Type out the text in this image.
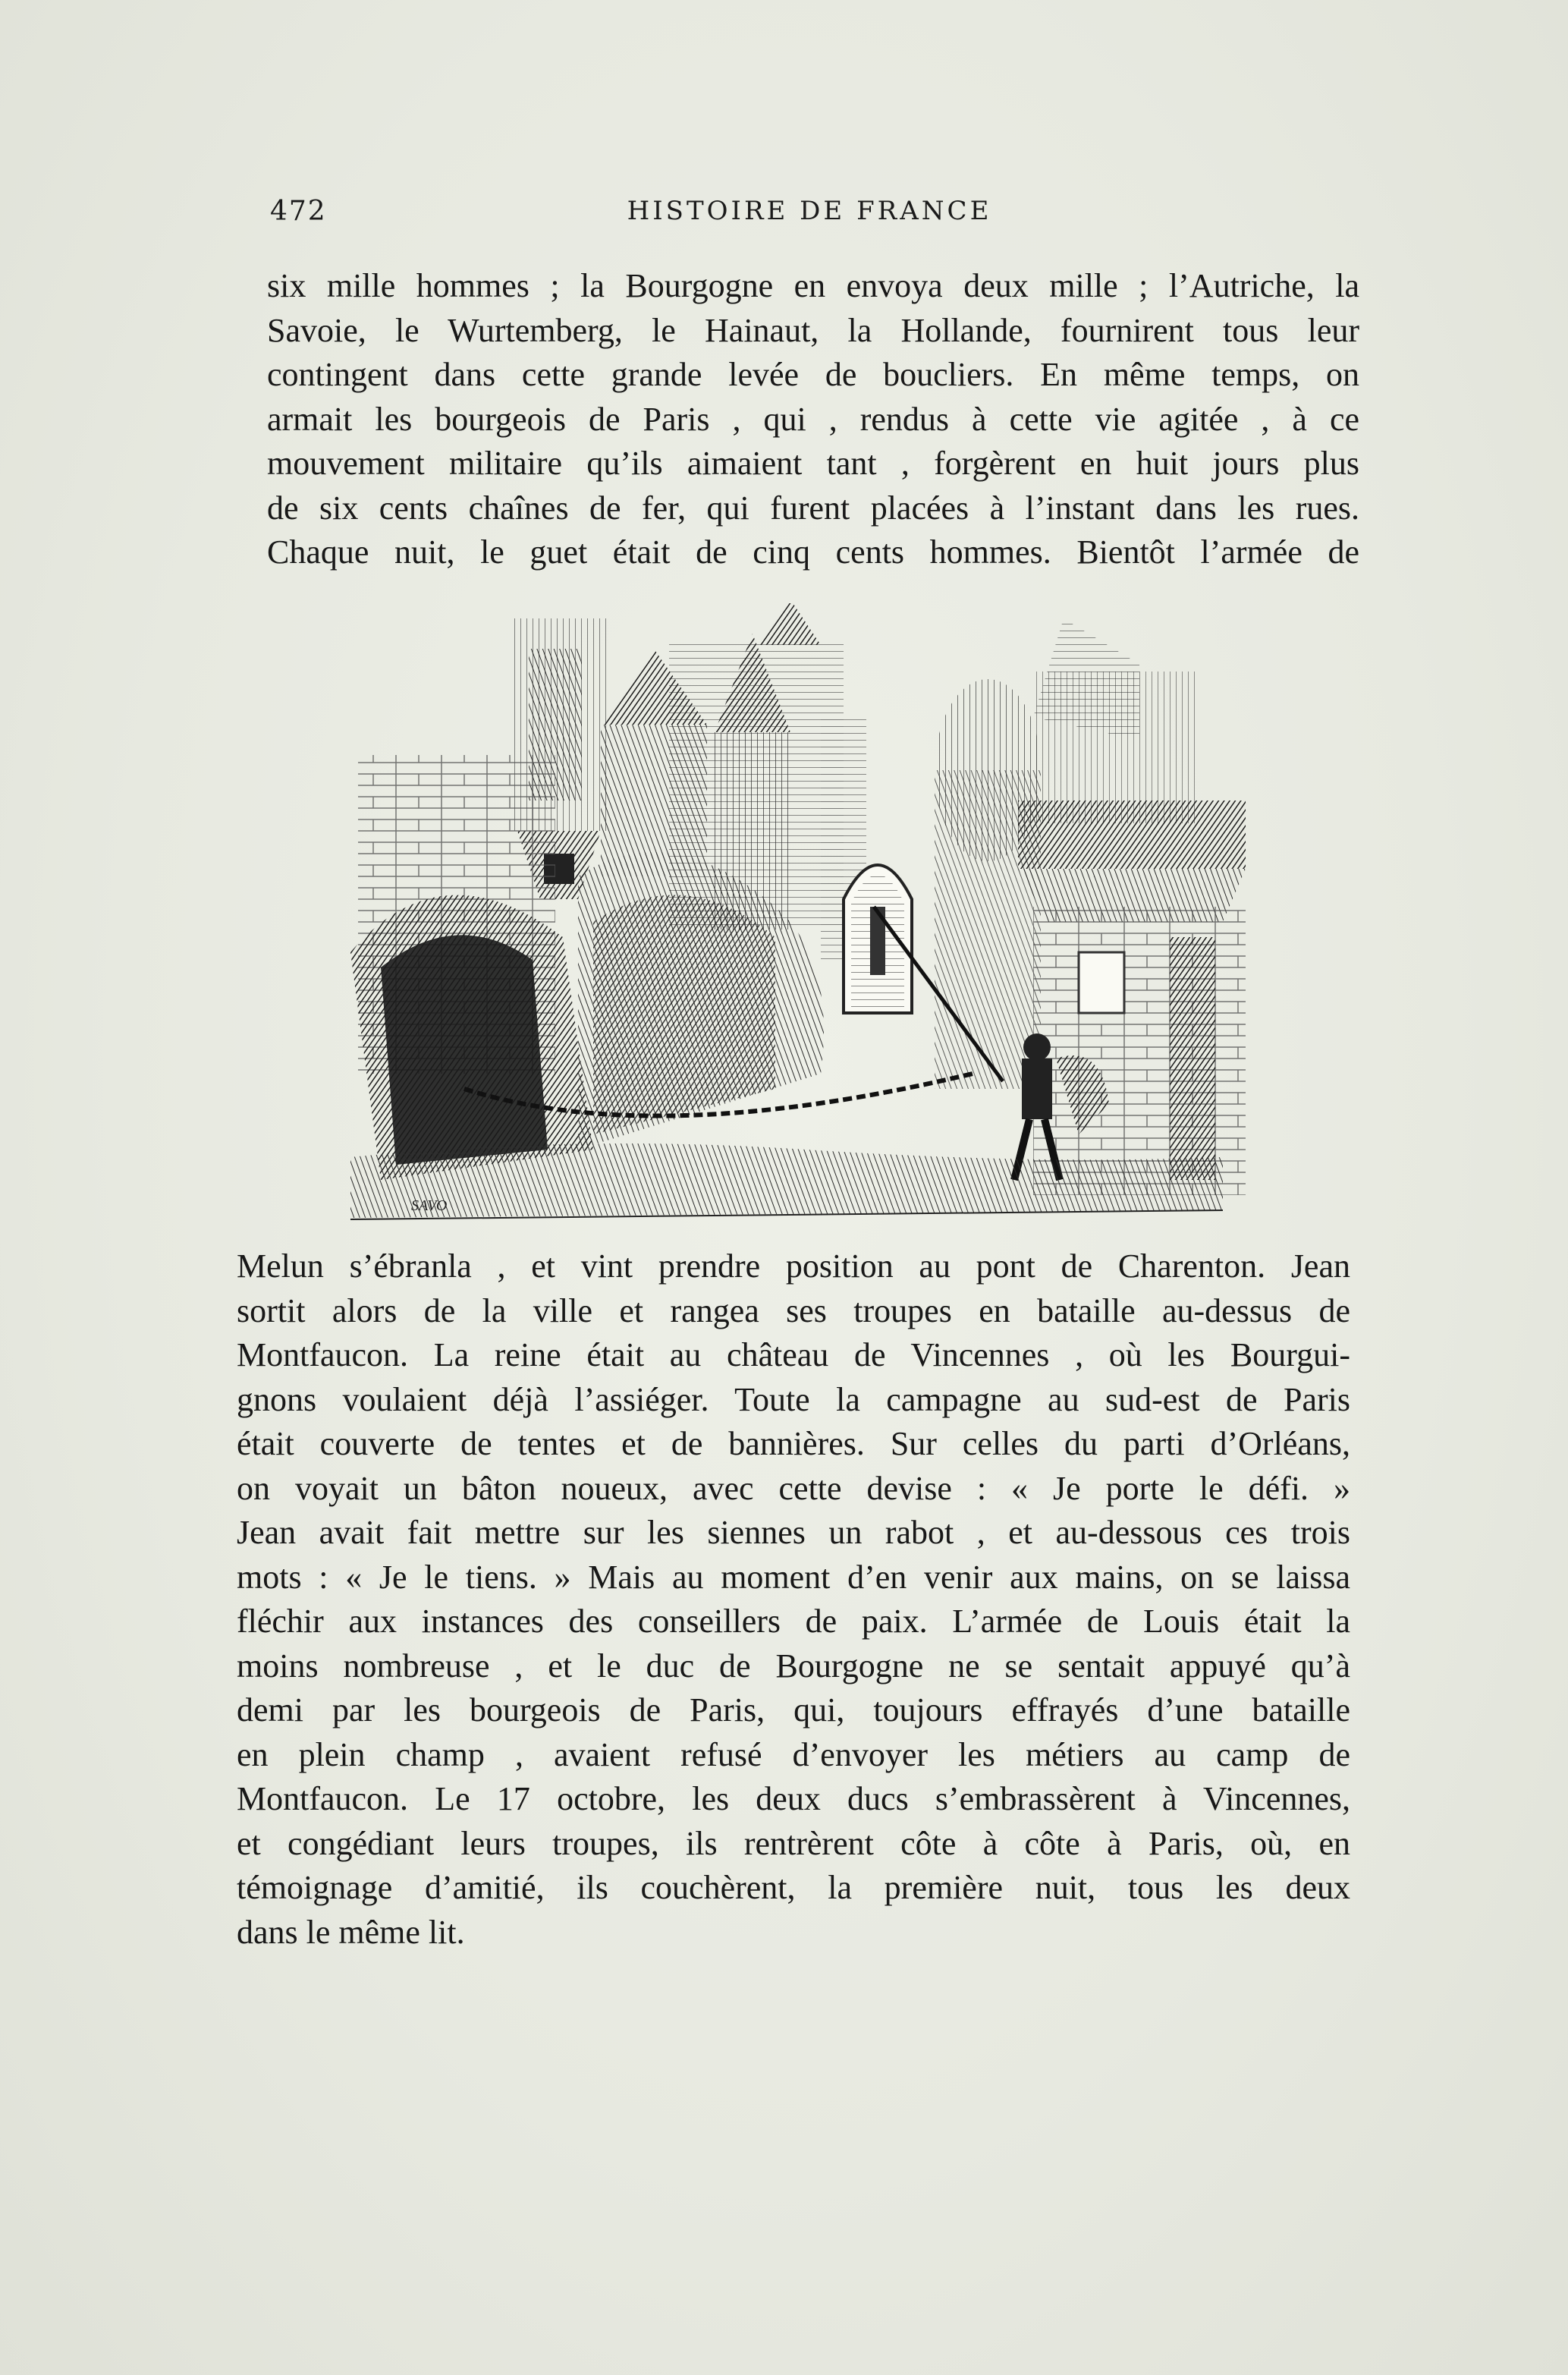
472	HISTOIRE DE FRANCE
six mille hommes ; la Bourgogne en envoya deux mille ; l’Autriche, la
Savoie, le Wurtemberg, le Hainaut, la Hollande, fournirent tous leur
contingent dans cette grande levée de boucliers. En même temps, on
armait les bourgeois de Paris , qui , rendus à cette vie agitée , à ce
mouvement militaire qu’ils aimaient tant , forgèrent en huit jours plus
de six cents chaînes de fer, qui furent placées à l’instant dans les rues.
Chaque nuit, le guet était de cinq cents hommes. Bientôt l’armée de
SAVO
Melun s’ébranla , et vint prendre position au pont de Charenton. Jean
sortit alors de la ville et rangea ses troupes en bataille au-dessus de
Montfaucon. La reine était au château de Vincennes , où les Bourgui-
gnons voulaient déjà l’assiéger. Toute la campagne au sud-est de Paris
était couverte de tentes et de bannières. Sur celles du parti d’Orléans,
on voyait un bâton noueux, avec cette devise : « Je porte le défi. »
Jean avait fait mettre sur les siennes un rabot , et au-dessous ces trois
mots : « Je le tiens. » Mais au moment d’en venir aux mains, on se laissa
fléchir aux instances des conseillers de paix. L’armée de Louis était la
moins nombreuse , et le duc de Bourgogne ne se sentait appuyé qu’à
demi par les bourgeois de Paris, qui, toujours effrayés d’une bataille
en plein champ , avaient refusé d’envoyer les métiers au camp de
Montfaucon. Le 17 octobre, les deux ducs s’embrassèrent à Vincennes,
et congédiant leurs troupes, ils rentrèrent côte à côte à Paris, où, en
témoignage d’amitié, ils couchèrent, la première nuit, tous les deux
dans le même lit.
